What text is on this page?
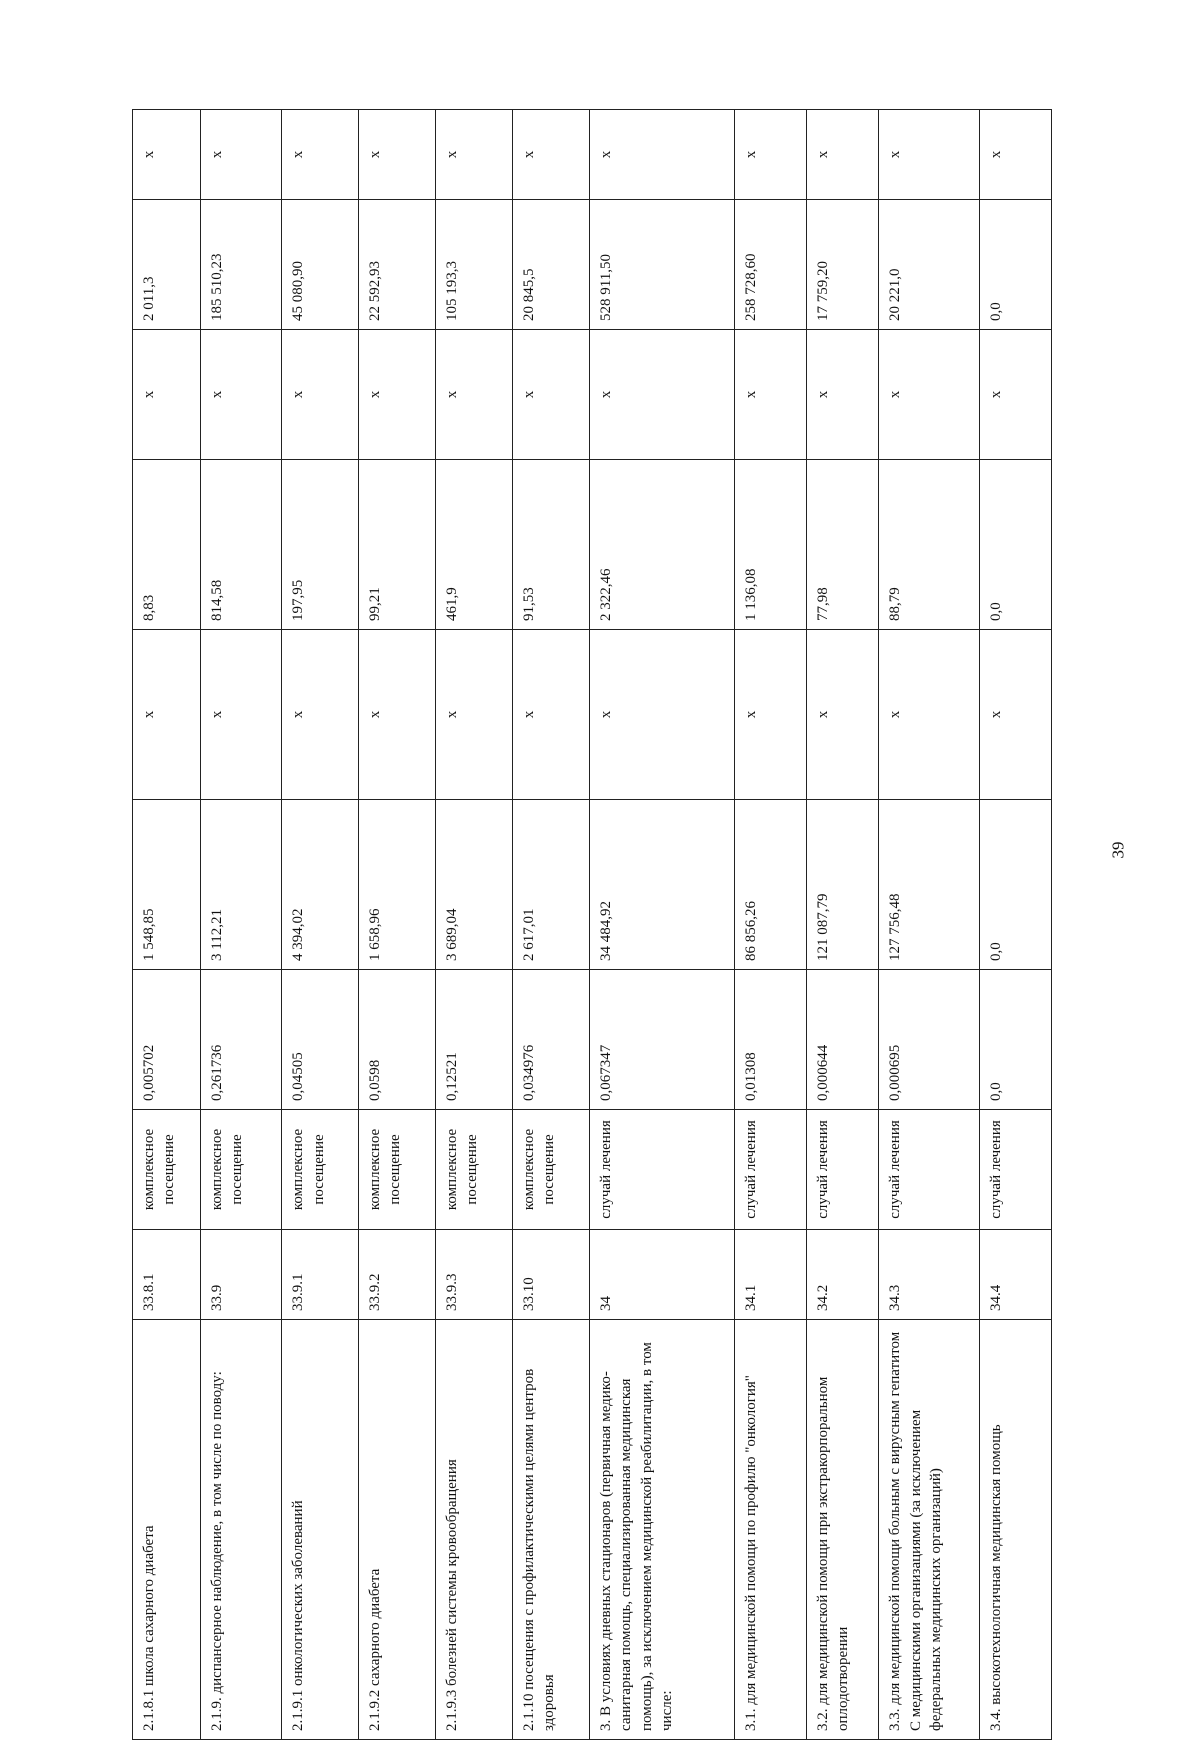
2.1.8.1 школа сахарного диабета	33.8.1	комплексное посещение	0,005702	1 548,85	х	8,83	х	2 011,3	х
2.1.9. диспансерное наблюдение, в том числе по поводу:	33.9	комплексное посещение	0,261736	3 112,21	х	814,58	х	185 510,23	х
2.1.9.1 онкологических заболеваний	33.9.1	комплексное посещение	0,04505	4 394,02	х	197,95	х	45 080,90	х
2.1.9.2 сахарного диабета	33.9.2	комплексное посещение	0,0598	1 658,96	х	99,21	х	22 592,93	х
2.1.9.3 болезней системы кровообращения	33.9.3	комплексное посещение	0,12521	3 689,04	х	461,9	х	105 193,3	х
2.1.10 посещения с профилактическими целями центров здоровья	33.10	комплексное посещение	0,034976	2 617,01	х	91,53	х	20 845,5	х
3. В условиях дневных стационаров (первичная медико-санитарная помощь, специализированная медицинская помощь), за исключением медицинской реабилитации, в том числе:	34	случай лечения	0,067347	34 484,92	х	2 322,46	х	528 911,50	х
3.1. для медицинской помощи по профилю "онкология"	34.1	случай лечения	0,01308	86 856,26	х	1 136,08	х	258 728,60	х
3.2. для медицинской помощи при экстракорпоральном оплодотворении	34.2	случай лечения	0,000644	121 087,79	х	77,98	х	17 759,20	х
3.3. для медицинской помощи больным с вирусным гепатитом С медицинскими организациями (за исключением федеральных медицинских организаций)	34.3	случай лечения	0,000695	127 756,48	х	88,79	х	20 221,0	х
3.4. высокотехнологичная медицинская помощь	34.4	случай лечения	0,0	0,0	х	0,0	х	0,0	х
39
